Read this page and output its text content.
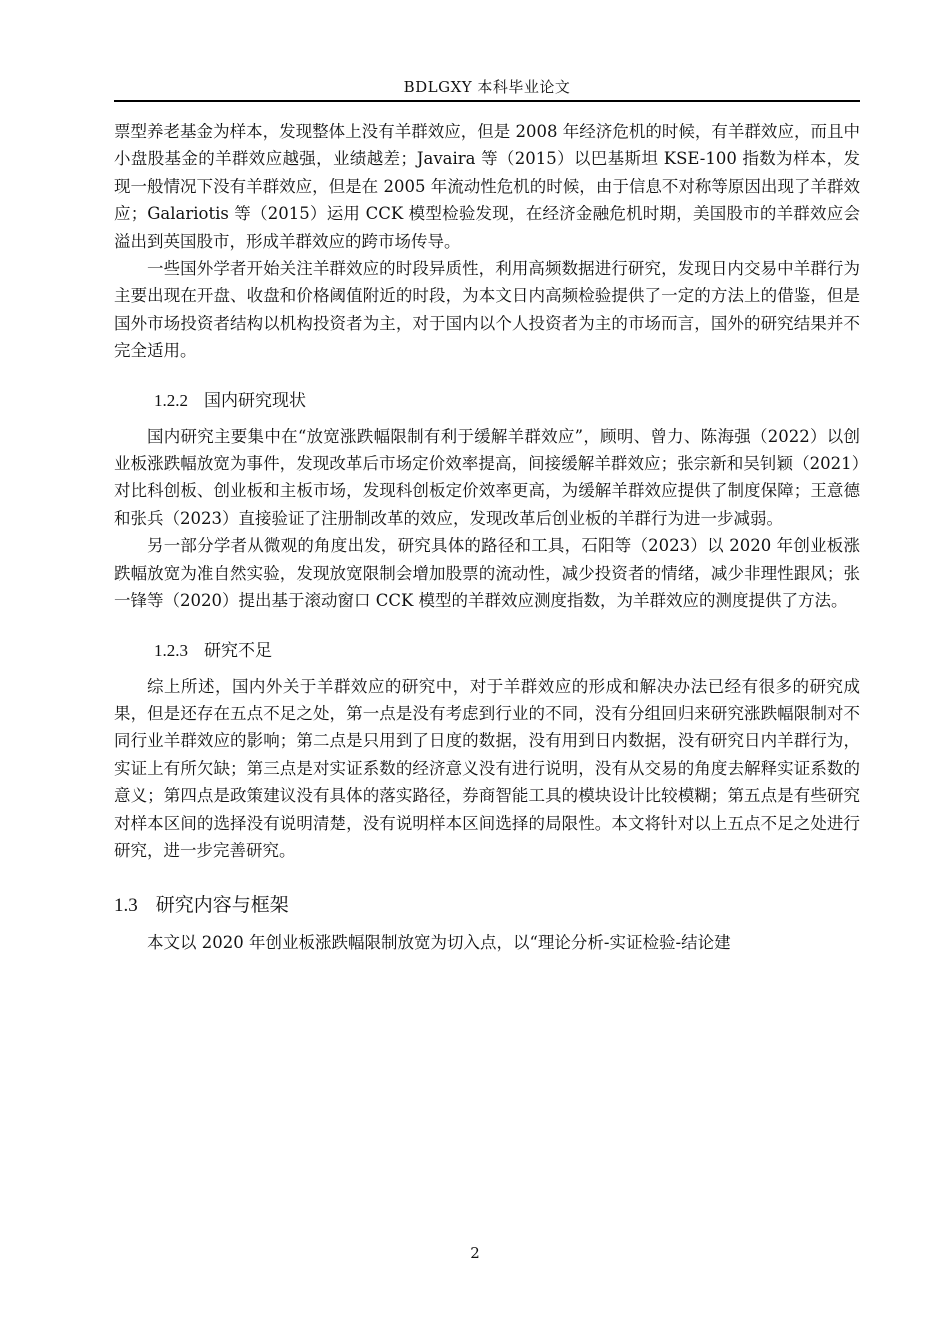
BDLGXY 本科毕业论文

票型养老基金为样本，发现整体上没有羊群效应，但是 2008 年经济危机的时候，有羊群效应，而且中小盘股基金的羊群效应越强，业绩越差；Javaira 等（2015）以巴基斯坦 KSE-100 指数为样本，发现一般情况下没有羊群效应，但是在 2005 年流动性危机的时候，由于信息不对称等原因出现了羊群效应；Galariotis 等（2015）运用 CCK 模型检验发现，在经济金融危机时期，美国股市的羊群效应会溢出到英国股市，形成羊群效应的跨市场传导。

一些国外学者开始关注羊群效应的时段异质性，利用高频数据进行研究，发现日内交易中羊群行为主要出现在开盘、收盘和价格阈值附近的时段，为本文日内高频检验提供了一定的方法上的借鉴，但是国外市场投资者结构以机构投资者为主，对于国内以个人投资者为主的市场而言，国外的研究结果并不完全适用。

1.2.2 国内研究现状

国内研究主要集中在“放宽涨跌幅限制有利于缓解羊群效应”，顾明、曾力、陈海强（2022）以创业板涨跌幅放宽为事件，发现改革后市场定价效率提高，间接缓解羊群效应；张宗新和吴钊颖（2021）对比科创板、创业板和主板市场，发现科创板定价效率更高，为缓解羊群效应提供了制度保障；王意德和张兵（2023）直接验证了注册制改革的效应，发现改革后创业板的羊群行为进一步减弱。

另一部分学者从微观的角度出发，研究具体的路径和工具，石阳等（2023）以 2020 年创业板涨跌幅放宽为准自然实验，发现放宽限制会增加股票的流动性，减少投资者的情绪，减少非理性跟风；张一锋等（2020）提出基于滚动窗口 CCK 模型的羊群效应测度指数，为羊群效应的测度提供了方法。

1.2.3 研究不足

综上所述，国内外关于羊群效应的研究中，对于羊群效应的形成和解决办法已经有很多的研究成果，但是还存在五点不足之处，第一点是没有考虑到行业的不同，没有分组回归来研究涨跌幅限制对不同行业羊群效应的影响；第二点是只用到了日度的数据，没有用到日内数据，没有研究日内羊群行为，实证上有所欠缺；第三点是对实证系数的经济意义没有进行说明，没有从交易的角度去解释实证系数的意义；第四点是政策建议没有具体的落实路径，券商智能工具的模块设计比较模糊；第五点是有些研究对样本区间的选择没有说明清楚，没有说明样本区间选择的局限性。本文将针对以上五点不足之处进行研究，进一步完善研究。

1.3 研究内容与框架

本文以 2020 年创业板涨跌幅限制放宽为切入点，以“理论分析-实证检验-结论建

2
